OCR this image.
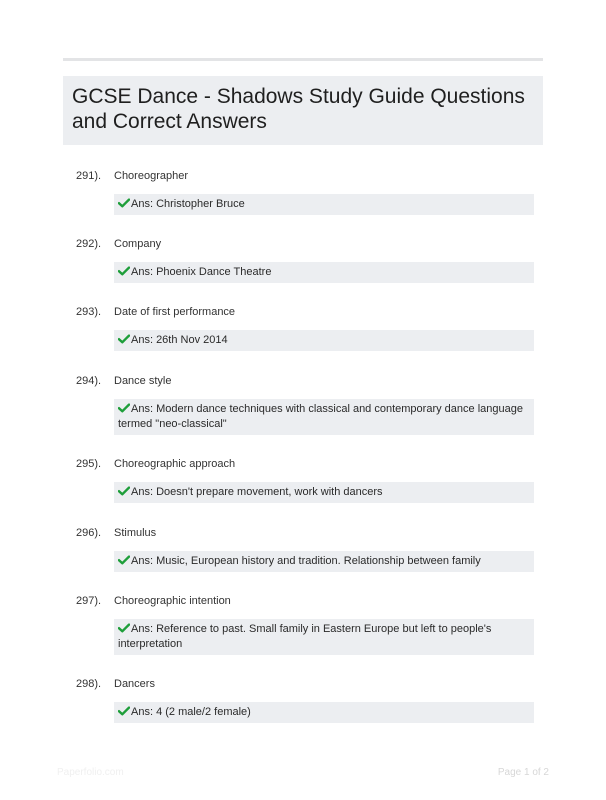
GCSE Dance - Shadows Study Guide Questions and Correct Answers
291). Choreographer
Ans: Christopher Bruce
292). Company
Ans: Phoenix Dance Theatre
293). Date of first performance
Ans: 26th Nov 2014
294). Dance style
Ans: Modern dance techniques with classical and contemporary dance language termed "neo-classical"
295). Choreographic approach
Ans: Doesn't prepare movement, work with dancers
296). Stimulus
Ans: Music, European history and tradition. Relationship between family
297). Choreographic intention
Ans: Reference to past. Small family in Eastern Europe but left to people's interpretation
298). Dancers
Ans: 4 (2 male/2 female)
Paperfolio.com	Page 1 of 2
